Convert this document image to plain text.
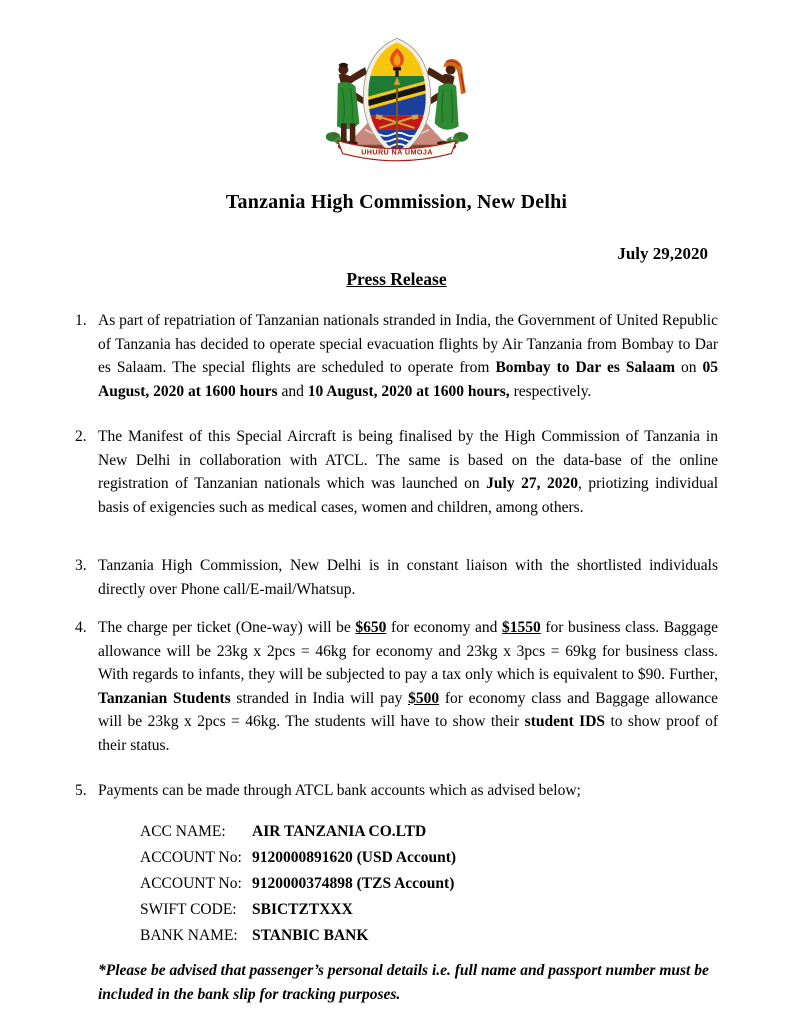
UHURU NA UMOJA
Tanzania High Commission, New Delhi
July 29,2020
Press Release
1. As part of repatriation of Tanzanian nationals stranded in India, the Government of United Republic of Tanzania has decided to operate special evacuation flights by Air Tanzania from Bombay to Dar es Salaam. The special flights are scheduled to operate from Bombay to Dar es Salaam on 05 August, 2020 at 1600 hours and 10 August, 2020 at 1600 hours, respectively.
2. The Manifest of this Special Aircraft is being finalised by the High Commission of Tanzania in New Delhi in collaboration with ATCL. The same is based on the data-base of the online registration of Tanzanian nationals which was launched on July 27, 2020, priotizing individual basis of exigencies such as medical cases, women and children, among others.
3. Tanzania High Commission, New Delhi is in constant liaison with the shortlisted individuals directly over Phone call/E-mail/Whatsup.
4. The charge per ticket (One-way) will be $650 for economy and $1550 for business class. Baggage allowance will be 23kg x 2pcs = 46kg for economy and 23kg x 3pcs = 69kg for business class. With regards to infants, they will be subjected to pay a tax only which is equivalent to $90. Further, Tanzanian Students stranded in India will pay $500 for economy class and Baggage allowance will be 23kg x 2pcs = 46kg. The students will have to show their student IDS to show proof of their status.
5. Payments can be made through ATCL bank accounts which as advised below;
ACC NAME: AIR TANZANIA CO.LTD
ACCOUNT No: 9120000891620 (USD Account)
ACCOUNT No: 9120000374898 (TZS Account)
SWIFT CODE: SBICTZTXXX
BANK NAME: STANBIC BANK
*Please be advised that passenger’s personal details i.e. full name and passport number must be included in the bank slip for tracking purposes.
